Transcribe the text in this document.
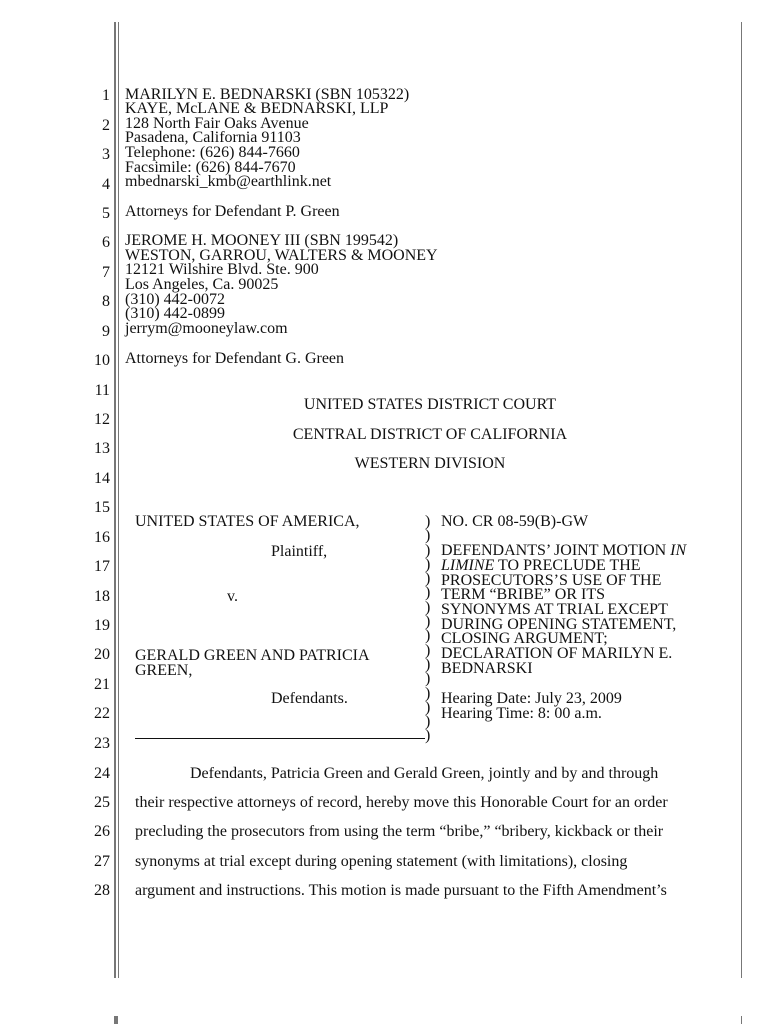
1
2
3
4
5
6
7
8
9
10
11
12
13
14
15
16
17
18
19
20
21
22
23
24
25
26
27
28
MARILYN E. BEDNARSKI (SBN 105322)
KAYE, McLANE & BEDNARSKI, LLP
128 North Fair Oaks Avenue
Pasadena, California 91103
Telephone: (626) 844-7660
Facsimile: (626) 844-7670
mbednarski_kmb@earthlink.net
Attorneys for Defendant P. Green
JEROME H. MOONEY III (SBN 199542)
WESTON, GARROU, WALTERS & MOONEY
12121 Wilshire Blvd. Ste. 900
Los Angeles, Ca. 90025
(310) 442-0072
(310) 442-0899
jerrym@mooneylaw.com
Attorneys for Defendant G. Green
UNITED STATES DISTRICT COURT
CENTRAL DISTRICT OF CALIFORNIA
WESTERN DIVISION
UNITED STATES OF AMERICA,
Plaintiff,
v.
GERALD GREEN AND PATRICIA
GREEN,
Defendants.
)
)
)
)
)
)
)
)
)
)
)
)
)
)
)
)
NO. CR 08-59(B)-GW
DEFENDANTS’ JOINT MOTION IN
LIMINE TO PRECLUDE THE
PROSECUTORS’S USE OF THE
TERM “BRIBE” OR ITS
SYNONYMS AT TRIAL EXCEPT
DURING OPENING STATEMENT,
CLOSING ARGUMENT;
DECLARATION OF MARILYN E.
BEDNARSKI
Hearing Date: July 23, 2009
Hearing Time: 8: 00 a.m.
Defendants, Patricia Green and Gerald Green, jointly and by and through
their respective attorneys of record, hereby move this Honorable Court for an order
precluding the prosecutors from using the term “bribe,” “bribery, kickback or their
synonyms at trial except during opening statement (with limitations), closing
argument and instructions. This motion is made pursuant to the Fifth Amendment’s
